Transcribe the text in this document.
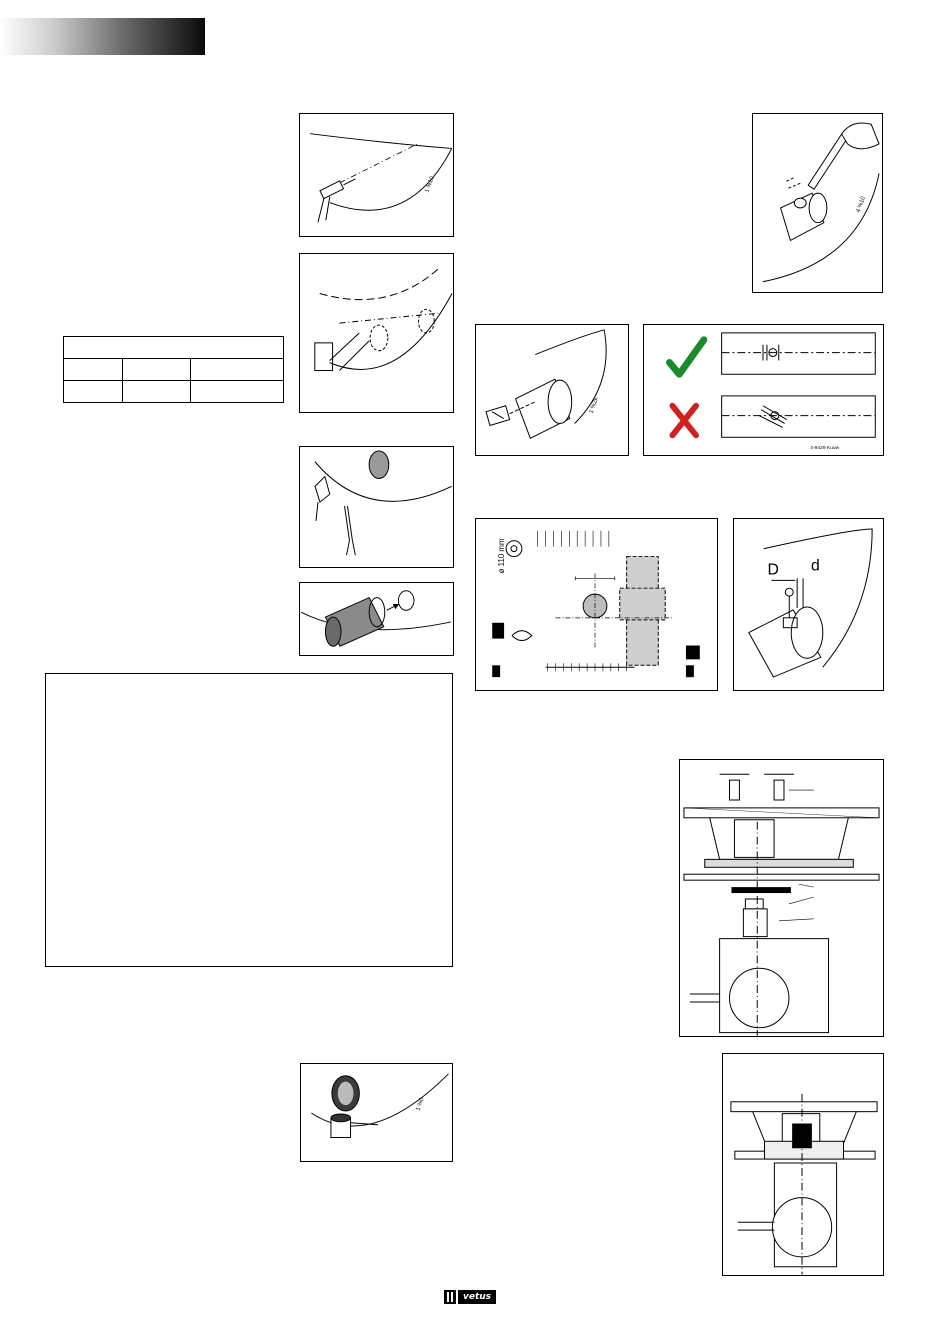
1 %10

1 %0
4 %10
1 %2k
4-9429 Kuuw
ø 110 mm	D d
vetus
